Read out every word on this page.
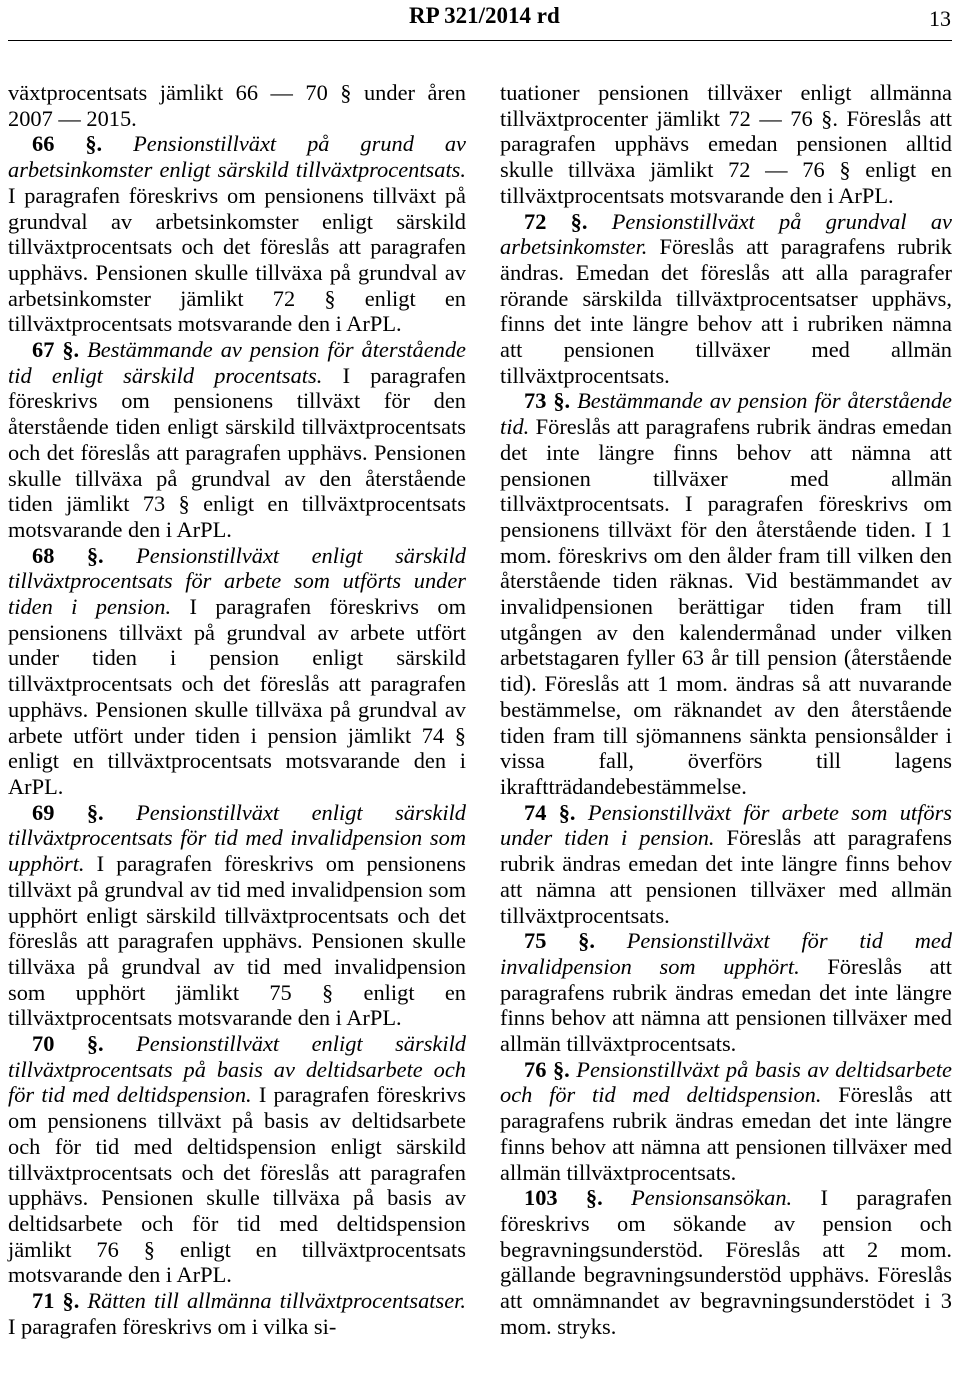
RP 321/2014 rd	13

växtprocentsats jämlikt 66 — 70 § under åren 2007 — 2015.

66 §. Pensionstillväxt på grund av arbetsinkomster enligt särskild tillväxtprocentsats. I paragrafen föreskrivs om pensionens tillväxt på grundval av arbetsinkomster enligt särskild tillväxtprocentsats och det föreslås att paragrafen upphävs. Pensionen skulle tillväxa på grundval av arbetsinkomster jämlikt 72 § enligt en tillväxtprocentsats motsvarande den i ArPL.

67 §. Bestämmande av pension för återstående tid enligt särskild procentsats. I paragrafen föreskrivs om pensionens tillväxt för den återstående tiden enligt särskild tillväxtprocentsats och det föreslås att paragrafen upphävs. Pensionen skulle tillväxa på grundval av den återstående tiden jämlikt 73 § enligt en tillväxtprocentsats motsvarande den i ArPL.

68 §. Pensionstillväxt enligt särskild tillväxtprocentsats för arbete som utförts under tiden i pension. I paragrafen föreskrivs om pensionens tillväxt på grundval av arbete utfört under tiden i pension enligt särskild tillväxtprocentsats och det föreslås att paragrafen upphävs. Pensionen skulle tillväxa på grundval av arbete utfört under tiden i pension jämlikt 74 § enligt en tillväxtprocentsats motsvarande den i ArPL.

69 §. Pensionstillväxt enligt särskild tillväxtprocentsats för tid med invalidpension som upphört. I paragrafen föreskrivs om pensionens tillväxt på grundval av tid med invalidpension som upphört enligt särskild tillväxtprocentsats och det föreslås att paragrafen upphävs. Pensionen skulle tillväxa på grundval av tid med invalidpension som upphört jämlikt 75 § enligt en tillväxtprocentsats motsvarande den i ArPL.

70 §. Pensionstillväxt enligt särskild tillväxtprocentsats på basis av deltidsarbete och för tid med deltidspension. I paragrafen föreskrivs om pensionens tillväxt på basis av deltidsarbete och för tid med deltidspension enligt särskild tillväxtprocentsats och det föreslås att paragrafen upphävs. Pensionen skulle tillväxa på basis av deltidsarbete och för tid med deltidspension jämlikt 76 § enligt en tillväxtprocentsats motsvarande den i ArPL.

71 §. Rätten till allmänna tillväxtprocentsatser. I paragrafen föreskrivs om i vilka si-

tuationer pensionen tillväxer enligt allmänna tillväxtprocenter jämlikt 72 — 76 §. Föreslås att paragrafen upphävs emedan pensionen alltid skulle tillväxa jämlikt 72 — 76 § enligt en tillväxtprocentsats motsvarande den i ArPL.

72 §. Pensionstillväxt på grundval av arbetsinkomster. Föreslås att paragrafens rubrik ändras. Emedan det föreslås att alla paragrafer rörande särskilda tillväxtprocentsatser upphävs, finns det inte längre behov att i rubriken nämna att pensionen tillväxer med allmän tillväxtprocentsats.

73 §. Bestämmande av pension för återstående tid. Föreslås att paragrafens rubrik ändras emedan det inte längre finns behov att nämna att pensionen tillväxer med allmän tillväxtprocentsats. I paragrafen föreskrivs om pensionens tillväxt för den återstående tiden. I 1 mom. föreskrivs om den ålder fram till vilken den återstående tiden räknas. Vid bestämmandet av invalidpensionen berättigar tiden fram till utgången av den kalendermånad under vilken arbetstagaren fyller 63 år till pension (återstående tid). Föreslås att 1 mom. ändras så att nuvarande bestämmelse, om räknandet av den återstående tiden fram till sjömannens sänkta pensionsålder i vissa fall, överförs till lagens ikraftträdandebestämmelse.

74 §. Pensionstillväxt för arbete som utförs under tiden i pension. Föreslås att paragrafens rubrik ändras emedan det inte längre finns behov att nämna att pensionen tillväxer med allmän tillväxtprocentsats.

75 §. Pensionstillväxt för tid med invalidpension som upphört. Föreslås att paragrafens rubrik ändras emedan det inte längre finns behov att nämna att pensionen tillväxer med allmän tillväxtprocentsats.

76 §. Pensionstillväxt på basis av deltidsarbete och för tid med deltidspension. Föreslås att paragrafens rubrik ändras emedan det inte längre finns behov att nämna att pensionen tillväxer med allmän tillväxtprocentsats.

103 §. Pensionsansökan. I paragrafen föreskrivs om sökande av pension och begravningsunderstöd. Föreslås att 2 mom. gällande begravningsunderstöd upphävs. Föreslås att omnämnandet av begravningsunderstödet i 3 mom. stryks.
